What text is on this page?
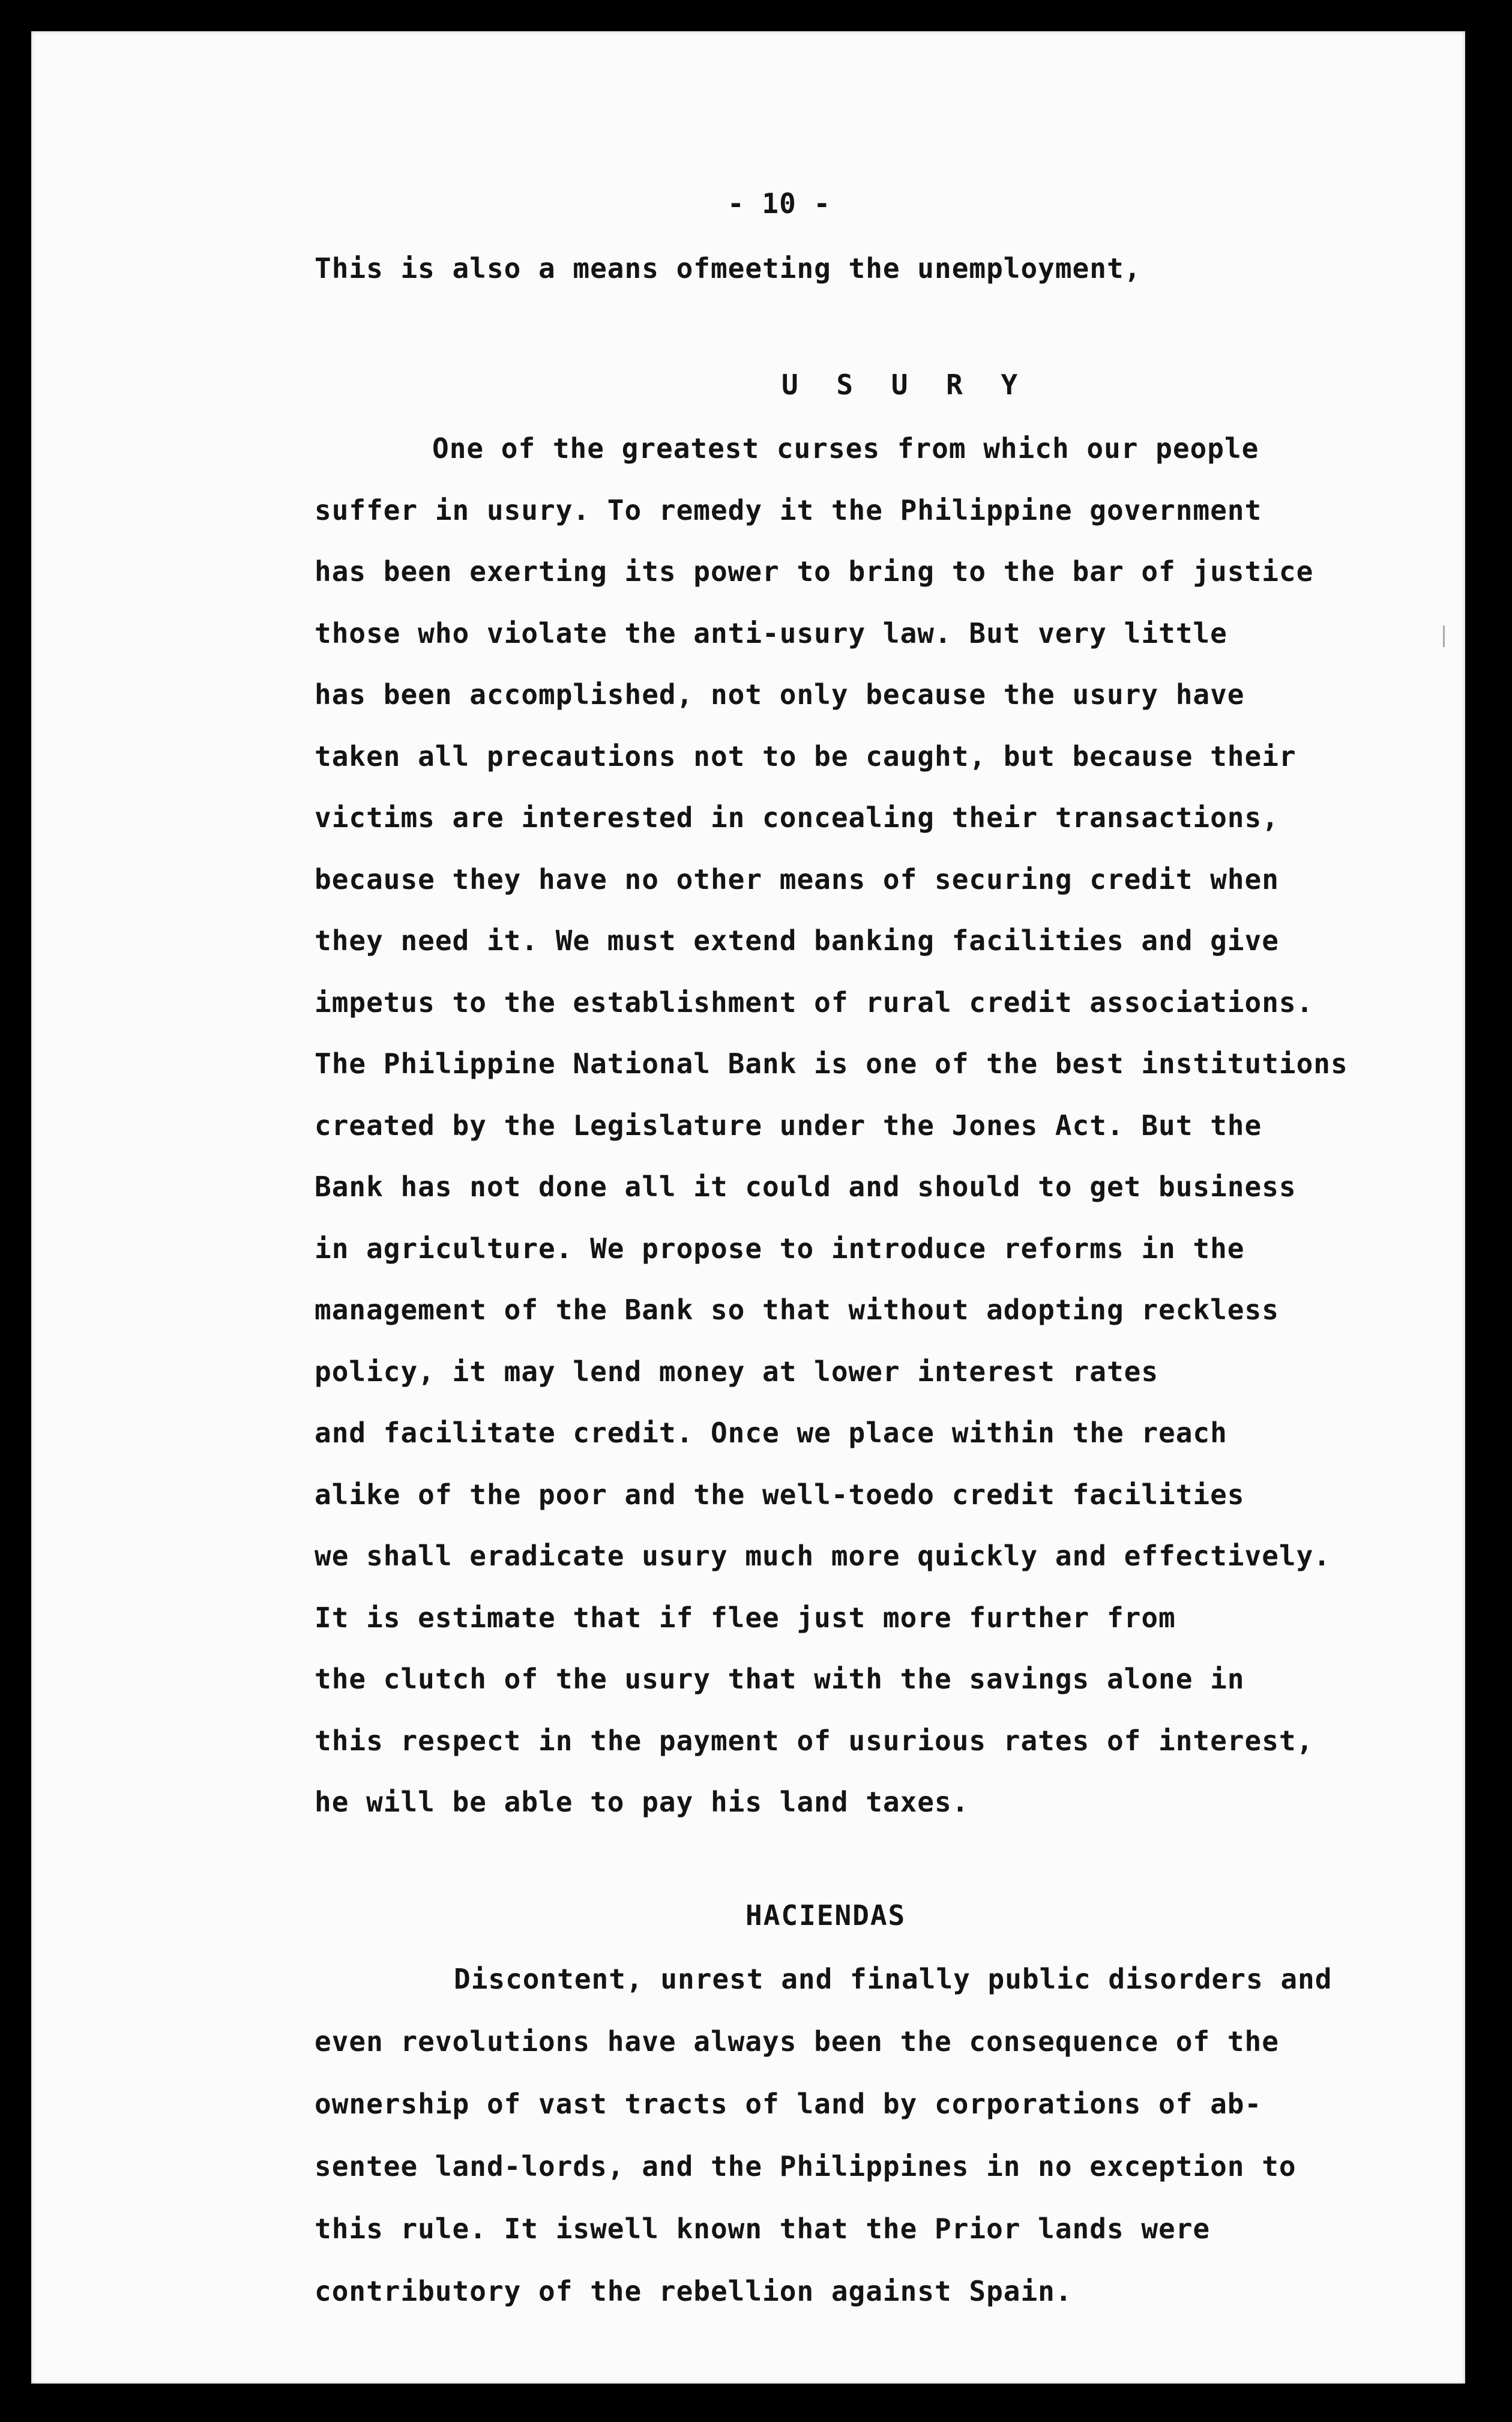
- 10 -
This is also a means ofmeeting the unemployment,
U S U R Y
One of the greatest curses from which our people
suffer in usury. To remedy it the Philippine government
has been exerting its power to bring to the bar of justice
those who violate the anti-usury law. But very little
has been accomplished, not only because the usury have
taken all precautions not to be caught, but because their
victims are interested in concealing their transactions,
because they have no other means of securing credit when
they need it. We must extend banking facilities and give
impetus to the establishment of rural credit associations.
The Philippine National Bank is one of the best institutions
created by the Legislature under the Jones Act. But the
Bank has not done all it could and should to get business
in agriculture. We propose to introduce reforms in the
management of the Bank so that without adopting reckless
policy, it may lend money at lower interest rates
and facilitate credit. Once we place within the reach
alike of the poor and the well-toedo credit facilities
we shall eradicate usury much more quickly and effectively.
It is estimate that if flee just more further from
the clutch of the usury that with the savings alone in
this respect in the payment of usurious rates of interest,
he will be able to pay his land taxes.
HACIENDAS
Discontent, unrest and finally public disorders and
even revolutions have always been the consequence of the
ownership of vast tracts of land by corporations of ab-
sentee land-lords, and the Philippines in no exception to
this rule. It iswell known that the Prior lands were
contributory of the rebellion against Spain.
